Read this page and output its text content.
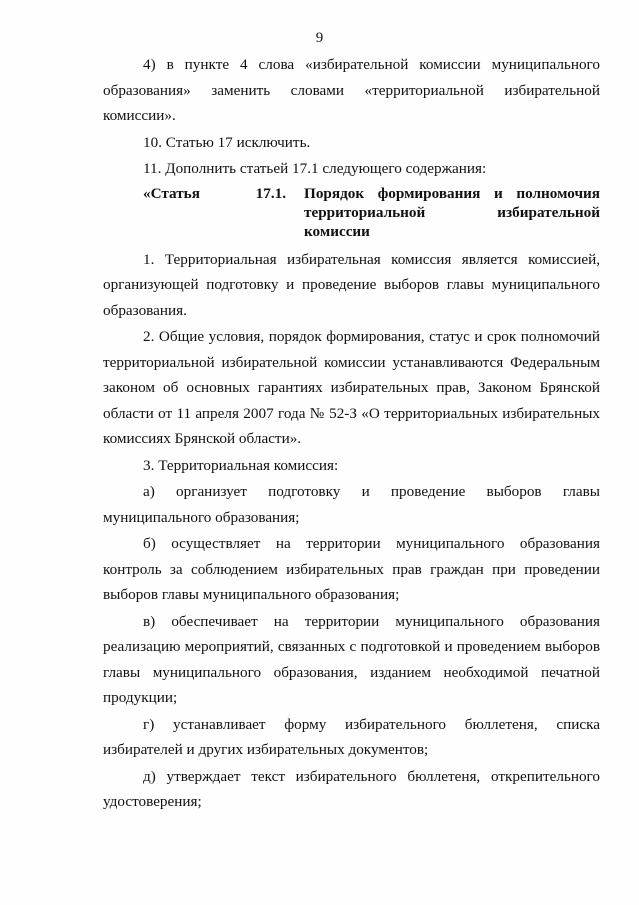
9

4) в пункте 4 слова «избирательной комиссии муниципального образования» заменить словами «территориальной избирательной комиссии».

10. Статью 17 исключить.

11. Дополнить статьей 17.1 следующего содержания:

«Статья	17.1. Порядок формирования и полномочия
территориальной избирательной комиссии

1. Территориальная избирательная комиссия является комиссией, организующей подготовку и проведение выборов главы муниципального образования.

2. Общие условия, порядок формирования, статус и срок полномочий территориальной избирательной комиссии устанавливаются Федеральным законом об основных гарантиях избирательных прав, Законом Брянской области от 11 апреля 2007 года № 52-З «О территориальных избирательных комиссиях Брянской области».

3. Территориальная комиссия:

а) организует подготовку и проведение выборов главы муниципального образования;

б) осуществляет на территории муниципального образования контроль за соблюдением избирательных прав граждан при проведении выборов главы муниципального образования;

в) обеспечивает на территории муниципального образования реализацию мероприятий, связанных с подготовкой и проведением выборов главы муниципального образования, изданием необходимой печатной продукции;

г) устанавливает форму избирательного бюллетеня, списка избирателей и других избирательных документов;

д) утверждает текст избирательного бюллетеня, открепительного удостоверения;
